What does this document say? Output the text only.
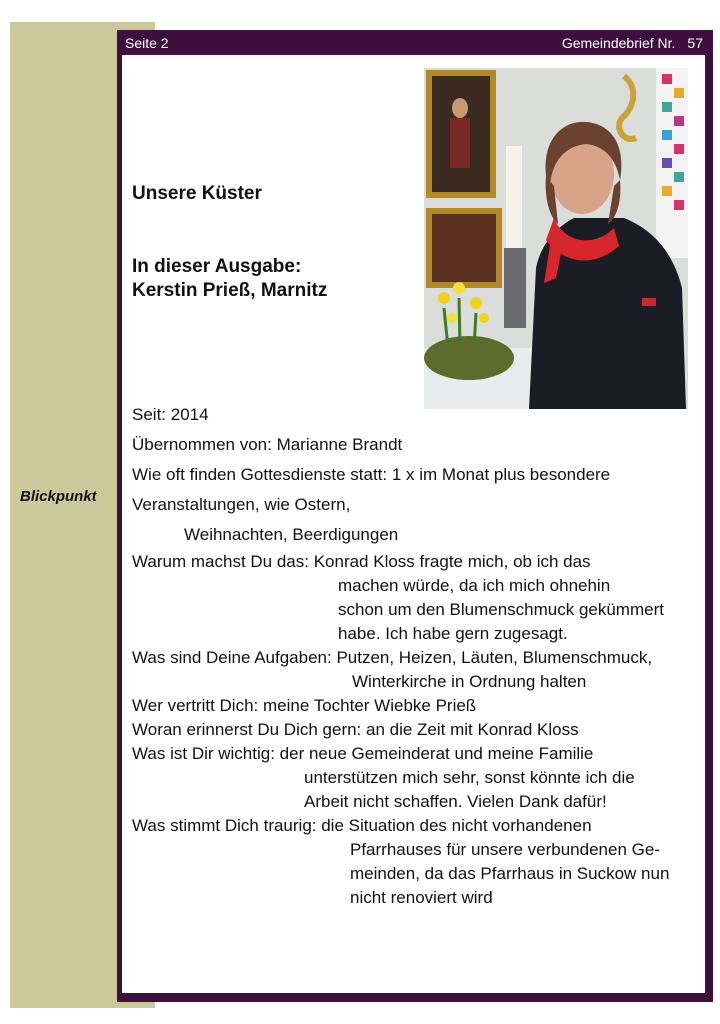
Blickpunkt
Seite 2	Gemeindebrief Nr. 57
Unsere Küster
In dieser Ausgabe:
Kerstin Prieß, Marnitz
Seit: 2014
Übernommen von: Marianne Brandt
Wie oft finden Gottesdienste statt: 1 x im Monat plus besondere
Veranstaltungen, wie Ostern,
Weihnachten, Beerdigungen
Warum machst Du das: Konrad Kloss fragte mich, ob ich das
machen würde, da ich mich ohnehin
schon um den Blumenschmuck gekümmert
habe. Ich habe gern zugesagt.
Was sind Deine Aufgaben: Putzen, Heizen, Läuten, Blumenschmuck,
Winterkirche in Ordnung halten
Wer vertritt Dich: meine Tochter Wiebke Prieß
Woran erinnerst Du Dich gern: an die Zeit mit Konrad Kloss
Was ist Dir wichtig: der neue Gemeinderat und meine Familie
unterstützen mich sehr, sonst könnte ich die
Arbeit nicht schaffen. Vielen Dank dafür!
Was stimmt Dich traurig: die Situation des nicht vorhandenen
Pfarrhauses für unsere verbundenen Ge-
meinden, da das Pfarrhaus in Suckow nun
nicht renoviert wird
